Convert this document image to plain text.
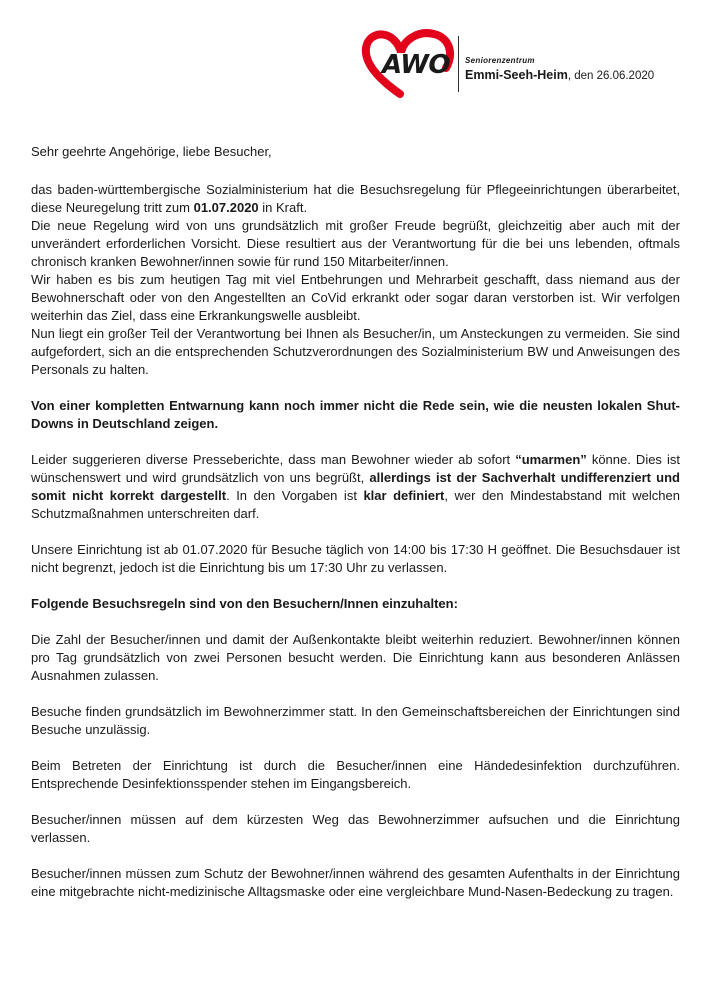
AWO Seniorenzentrum
Emmi-Seeh-Heim, den 26.06.2020

Sehr geehrte Angehörige, liebe Besucher,

das baden-württembergische Sozialministerium hat die Besuchsregelung für Pflegeeinrichtungen überarbeitet, diese Neuregelung tritt zum 01.07.2020 in Kraft.

Die neue Regelung wird von uns grundsätzlich mit großer Freude begrüßt, gleichzeitig aber auch mit der unverändert erforderlichen Vorsicht. Diese resultiert aus der Verantwortung für die bei uns lebenden, oftmals chronisch kranken Bewohner/innen sowie für rund 150 Mitarbeiter/innen.

Wir haben es bis zum heutigen Tag mit viel Entbehrungen und Mehrarbeit geschafft, dass niemand aus der Bewohnerschaft oder von den Angestellten an CoVid erkrankt oder sogar daran verstorben ist. Wir verfolgen weiterhin das Ziel, dass eine Erkrankungswelle ausbleibt.

Nun liegt ein großer Teil der Verantwortung bei Ihnen als Besucher/in, um Ansteckungen zu vermeiden. Sie sind aufgefordert, sich an die entsprechenden Schutzverordnungen des Sozialministerium BW und Anweisungen des Personals zu halten.

Von einer kompletten Entwarnung kann noch immer nicht die Rede sein, wie die neusten lokalen Shut-Downs in Deutschland zeigen.

Leider suggerieren diverse Presseberichte, dass man Bewohner wieder ab sofort “umarmen” könne. Dies ist wünschenswert und wird grundsätzlich von uns begrüßt, allerdings ist der Sachverhalt undifferenziert und somit nicht korrekt dargestellt. In den Vorgaben ist klar definiert, wer den Mindestabstand mit welchen Schutzmaßnahmen unterschreiten darf.

Unsere Einrichtung ist ab 01.07.2020 für Besuche täglich von 14:00 bis 17:30 H geöffnet. Die Besuchsdauer ist nicht begrenzt, jedoch ist die Einrichtung bis um 17:30 Uhr zu verlassen.

Folgende Besuchsregeln sind von den Besuchern/Innen einzuhalten:

Die Zahl der Besucher/innen und damit der Außenkontakte bleibt weiterhin reduziert. Bewohner/innen können pro Tag grundsätzlich von zwei Personen besucht werden. Die Einrichtung kann aus besonderen Anlässen Ausnahmen zulassen.

Besuche finden grundsätzlich im Bewohnerzimmer statt. In den Gemeinschaftsbereichen der Einrichtungen sind Besuche unzulässig.

Beim Betreten der Einrichtung ist durch die Besucher/innen eine Händedesinfektion durchzuführen. Entsprechende Desinfektionsspender stehen im Eingangsbereich.

Besucher/innen müssen auf dem kürzesten Weg das Bewohnerzimmer aufsuchen und die Einrichtung verlassen.

Besucher/innen müssen zum Schutz der Bewohner/innen während des gesamten Aufenthalts in der Einrichtung eine mitgebrachte nicht-medizinische Alltagsmaske oder eine vergleichbare Mund-Nasen-Bedeckung zu tragen.
